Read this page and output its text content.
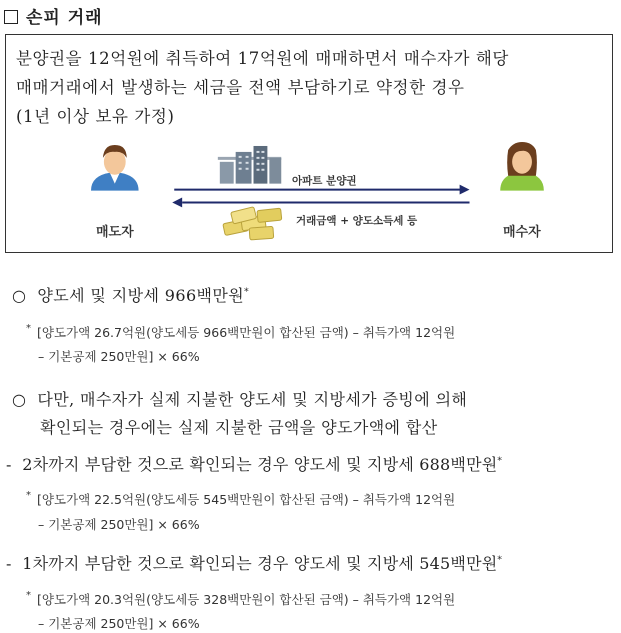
손피 거래

분양권을 12억원에 취득하여 17억원에 매매하면서 매수자가 해당

매매거래에서 발생하는 세금을 전액 부담하기로 약정한 경우

(1년 이상 보유 가정)

매도자	매수자
아파트 분양권
거래금액 + 양도소득세 등
○ 양도세 및 지방세 966백만원*
* [양도가액 26.7억원(양도세등 966백만원이 합산된 금액) – 취득가액 12억원
– 기본공제 250만원] × 66%
○ 다만, 매수자가 실제 지불한 양도세 및 지방세가 증빙에 의해
확인되는 경우에는 실제 지불한 금액을 양도가액에 합산
- 2차까지 부담한 것으로 확인되는 경우 양도세 및 지방세 688백만원*
* [양도가액 22.5억원(양도세등 545백만원이 합산된 금액) – 취득가액 12억원
– 기본공제 250만원] × 66%
- 1차까지 부담한 것으로 확인되는 경우 양도세 및 지방세 545백만원*
* [양도가액 20.3억원(양도세등 328백만원이 합산된 금액) – 취득가액 12억원
– 기본공제 250만원] × 66%
